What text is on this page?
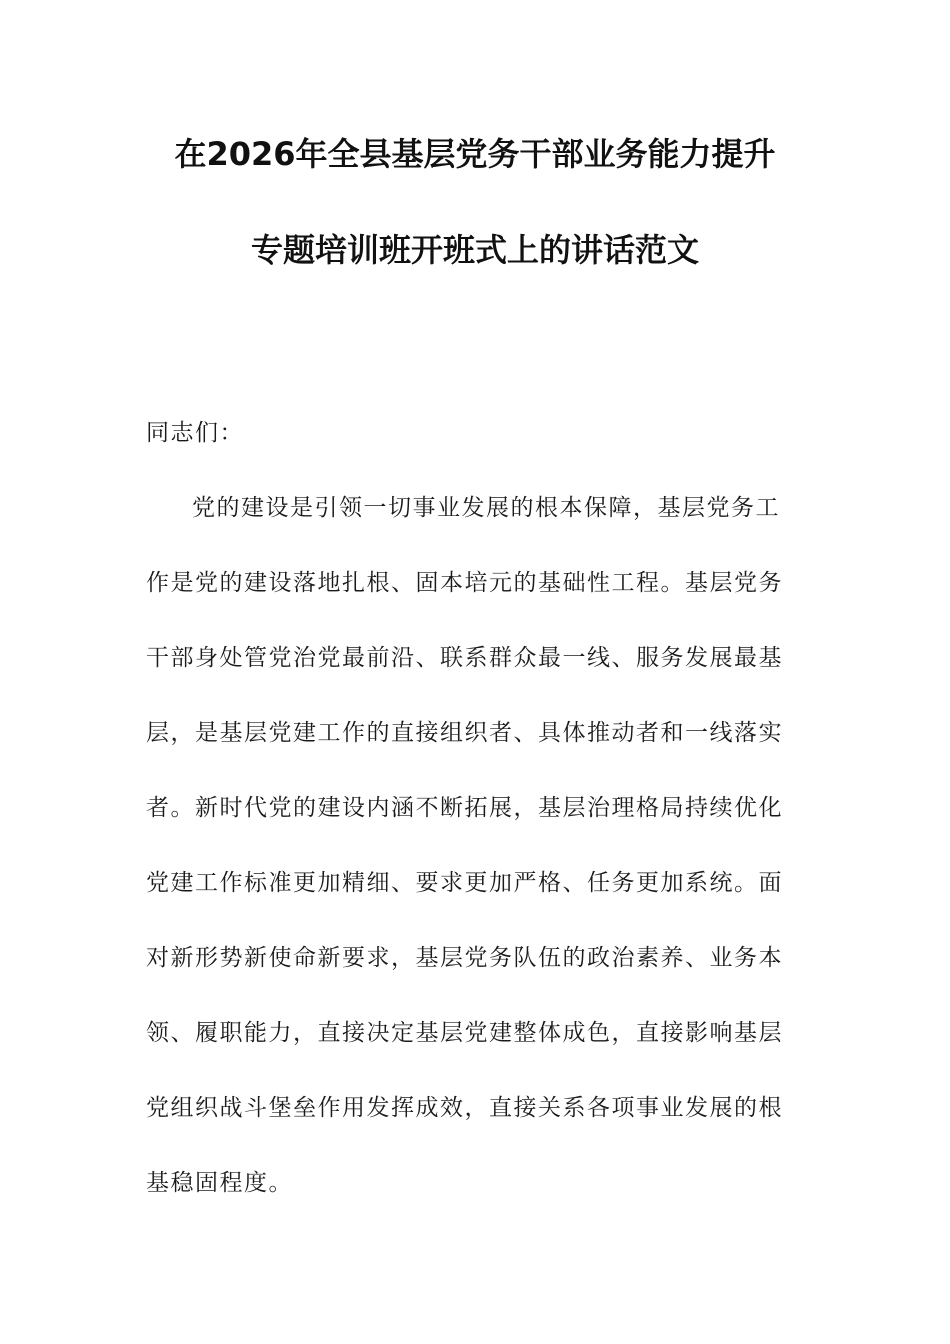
在2026年全县基层党务干部业务能力提升
专题培训班开班式上的讲话范文
同志们：
党的建设是引领一切事业发展的根本保障，基层党务工
作是党的建设落地扎根、固本培元的基础性工程。基层党务
干部身处管党治党最前沿、联系群众最一线、服务发展最基
层，是基层党建工作的直接组织者、具体推动者和一线落实
者。新时代党的建设内涵不断拓展，基层治理格局持续优化
党建工作标准更加精细、要求更加严格、任务更加系统。面
对新形势新使命新要求，基层党务队伍的政治素养、业务本
领、履职能力，直接决定基层党建整体成色，直接影响基层
党组织战斗堡垒作用发挥成效，直接关系各项事业发展的根
基稳固程度。
